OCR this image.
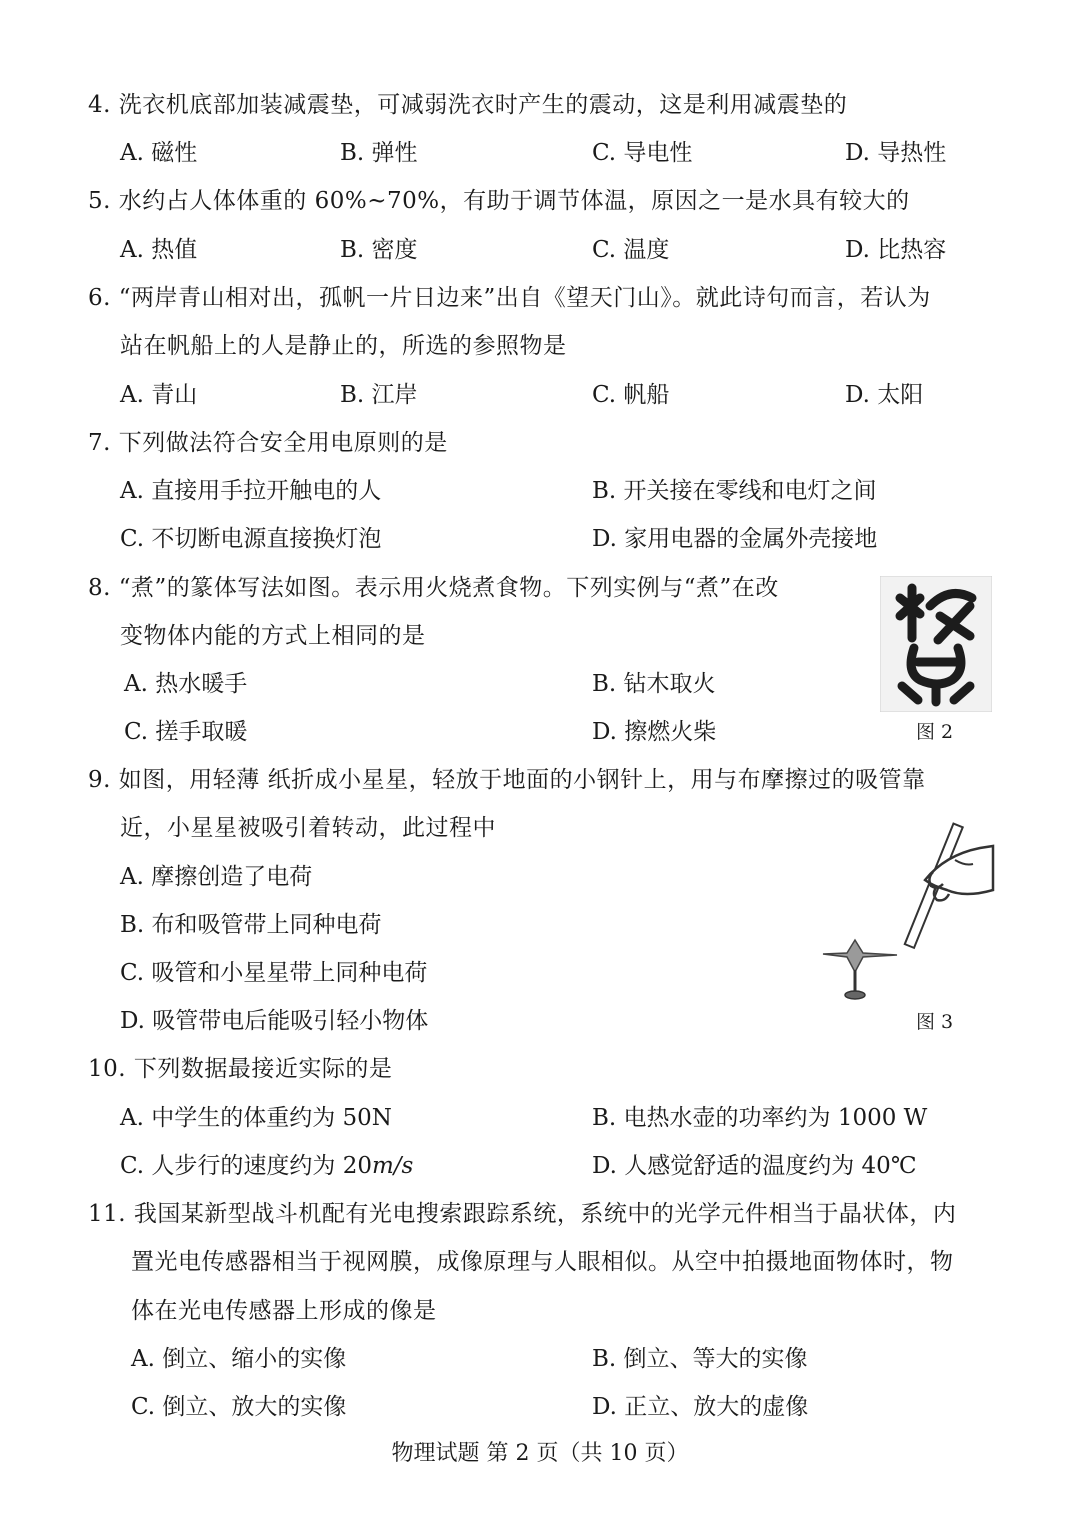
4. 洗衣机底部加装减震垫，可减弱洗衣时产生的震动，这是利用减震垫的
A. 磁性	B. 弹性	C. 导电性	D. 导热性
5. 水约占人体体重的 60%~70%，有助于调节体温，原因之一是水具有较大的
A. 热值	B. 密度	C. 温度	D. 比热容
6. “两岸青山相对出，孤帆一片日边来”出自《望天门山》。就此诗句而言，若认为
站在帆船上的人是静止的，所选的参照物是
A. 青山	B. 江岸	C. 帆船	D. 太阳
7. 下列做法符合安全用电原则的是
A. 直接用手拉开触电的人	B. 开关接在零线和电灯之间
C. 不切断电源直接换灯泡	D. 家用电器的金属外壳接地
8. “煮”的篆体写法如图。表示用火烧煮食物。下列实例与“煮”在改
变物体内能的方式上相同的是
A. 热水暖手	B. 钻木取火
C. 搓手取暖	D. 擦燃火柴	图 2
9. 如图，用轻薄 纸折成小星星，轻放于地面的小钢针上，用与布摩擦过的吸管靠
近，小星星被吸引着转动，此过程中
A. 摩擦创造了电荷
B. 布和吸管带上同种电荷
C. 吸管和小星星带上同种电荷
D. 吸管带电后能吸引轻小物体	图 3
10. 下列数据最接近实际的是
A. 中学生的体重约为 50N	B. 电热水壶的功率约为 1000 W
C. 人步行的速度约为 20m/s	D. 人感觉舒适的温度约为 40℃
11. 我国某新型战斗机配有光电搜索跟踪系统，系统中的光学元件相当于晶状体，内
置光电传感器相当于视网膜，成像原理与人眼相似。从空中拍摄地面物体时，物
体在光电传感器上形成的像是
A. 倒立、缩小的实像	B. 倒立、等大的实像
C. 倒立、放大的实像	D. 正立、放大的虚像
物理试题 第 2 页（共 10 页）
